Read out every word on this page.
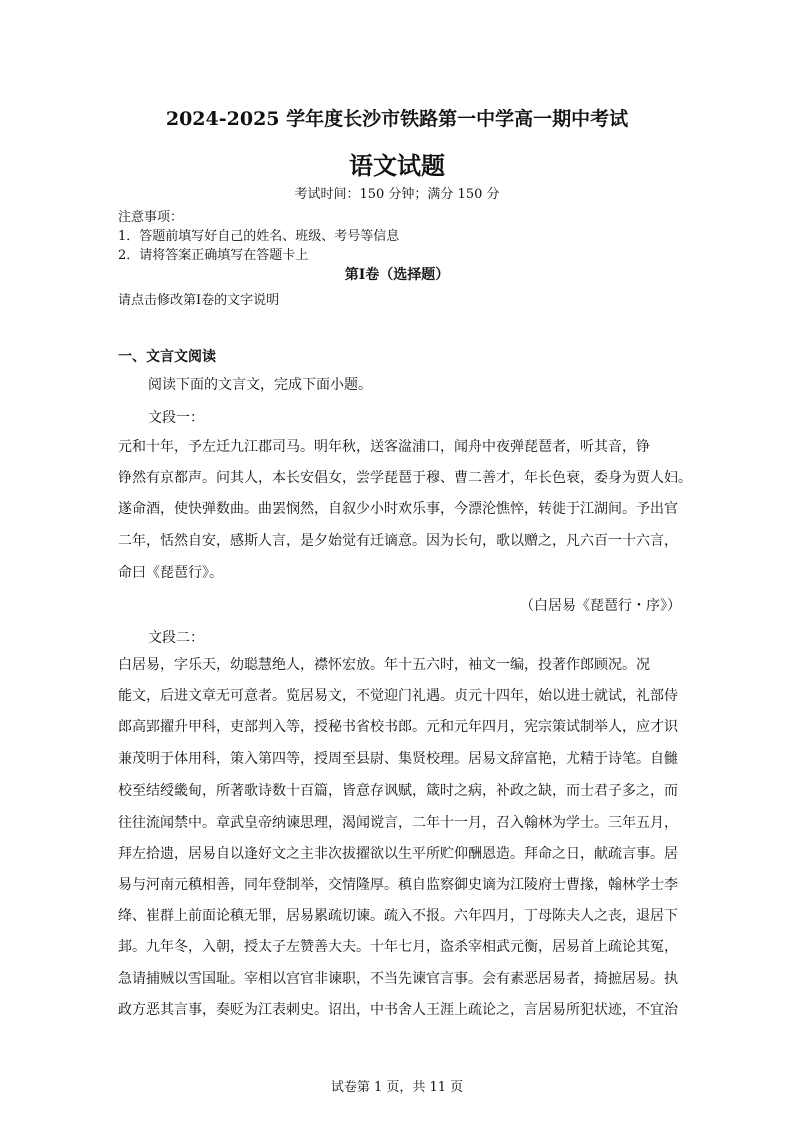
2024-2025 学年度长沙市铁路第一中学高一期中考试
语文试题
考试时间：150 分钟；满分 150 分
注意事项：
1．答题前填写好自己的姓名、班级、考号等信息
2．请将答案正确填写在答题卡上
第Ⅰ卷（选择题）
请点击修改第Ⅰ卷的文字说明
一、文言文阅读
阅读下面的文言文，完成下面小题。
文段一：
元和十年，予左迁九江郡司马。明年秋，送客湓浦口，闻舟中夜弹琵琶者，听其音，铮
铮然有京都声。问其人，本长安倡女，尝学琵琶于穆、曹二善才，年长色衰，委身为贾人妇。
遂命酒，使快弹数曲。曲罢悯然，自叙少小时欢乐事，今漂沦憔悴，转徙于江湖间。予出官
二年，恬然自安，感斯人言，是夕始觉有迁谪意。因为长句，歌以赠之，凡六百一十六言，
命曰《琵琶行》。
（白居易《琵琶行・序》）
文段二：
白居易，字乐天，幼聪慧绝人，襟怀宏放。年十五六时，袖文一编，投著作郎顾况。况
能文，后进文章无可意者。览居易文，不觉迎门礼遇。贞元十四年，始以进士就试，礼部侍
郎高郢擢升甲科，吏部判入等，授秘书省校书郎。元和元年四月，宪宗策试制举人，应才识
兼茂明于体用科，策入第四等，授周至县尉、集贤校理。居易文辞富艳，尤精于诗笔。自雠
校至结绶畿甸，所著歌诗数十百篇，皆意存讽赋，箴时之病，补政之缺，而士君子多之，而
往往流闻禁中。章武皇帝纳谏思理，渴闻谠言，二年十一月，召入翰林为学士。三年五月，
拜左拾遗，居易自以逢好文之主非次拔擢欲以生平所贮仰酬恩造。拜命之日，献疏言事。居
易与河南元稹相善，同年登制举，交情隆厚。稹自监察御史谪为江陵府士曹掾，翰林学士李
绛、崔群上前面论稹无罪，居易累疏切谏。疏入不报。六年四月，丁母陈夫人之丧，退居下
邽。九年冬，入朝，授太子左赞善大夫。十年七月，盗杀宰相武元衡，居易首上疏论其冤，
急请捕贼以雪国耻。宰相以宫官非谏职，不当先谏官言事。会有素恶居易者，掎摭居易。执
政方恶其言事，奏贬为江表刺史。诏出，中书舍人王涯上疏论之，言居易所犯状迹，不宜治
试卷第 1 页，共 11 页
